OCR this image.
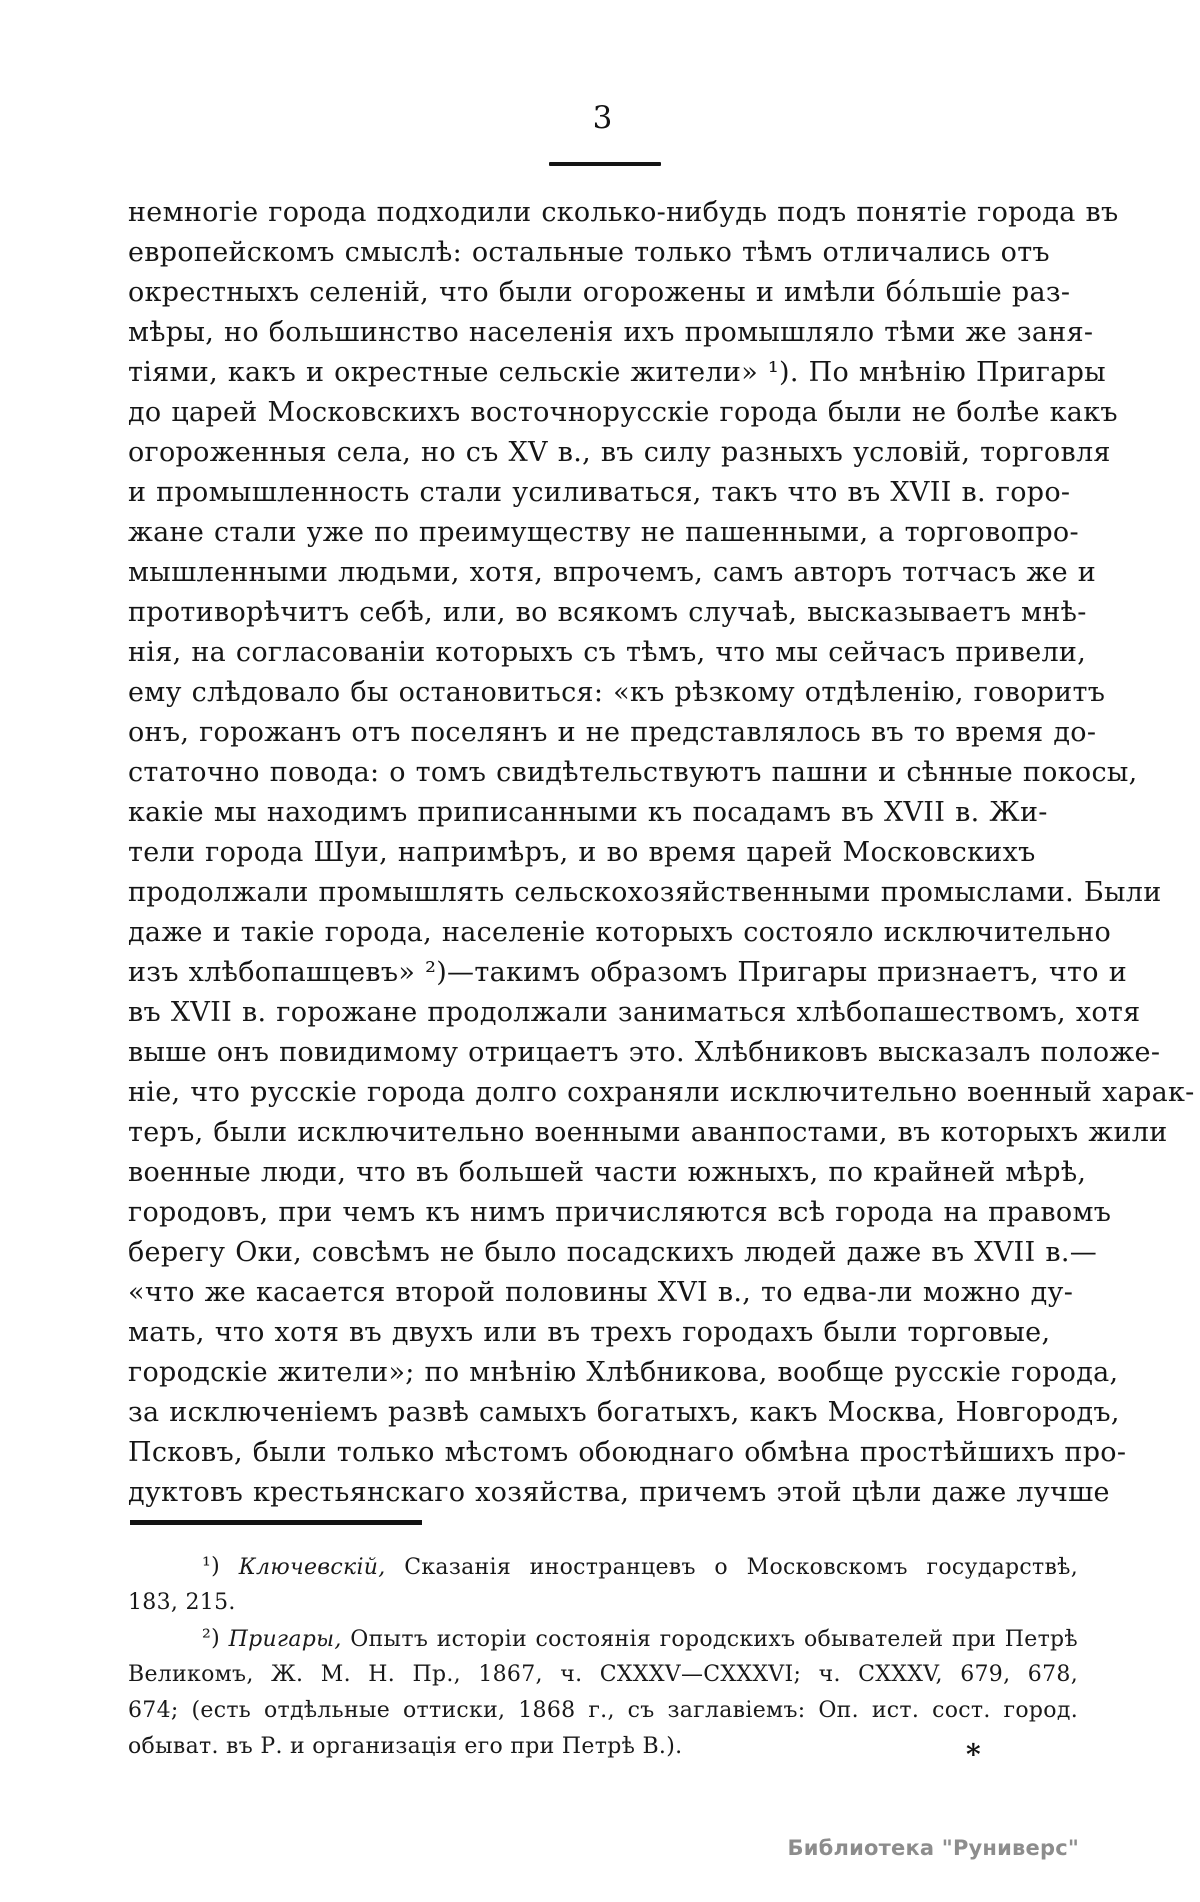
3
немногіе города подходили сколько-нибудь подъ понятіе города въ
европейскомъ смыслѣ: остальные только тѣмъ отличались отъ
окрестныхъ селеній, что были огорожены и имѣли бо́льшіе раз-
мѣры, но большинство населенія ихъ промышляло тѣми же заня-
тіями, какъ и окрестные сельскіе жители» ¹). По мнѣнію Пригары
до царей Московскихъ восточнорусскіе города были не болѣе какъ
огороженныя села, но съ XV в., въ силу разныхъ условій, торговля
и промышленность стали усиливаться, такъ что въ XVII в. горо-
жане стали уже по преимуществу не пашенными, а торговопро-
мышленными людьми, хотя, впрочемъ, самъ авторъ тотчасъ же и
противорѣчитъ себѣ, или, во всякомъ случаѣ, высказываетъ мнѣ-
нія, на согласованіи которыхъ съ тѣмъ, что мы сейчасъ привели,
ему слѣдовало бы остановиться: «къ рѣзкому отдѣленію, говоритъ
онъ, горожанъ отъ поселянъ и не представлялось въ то время до-
статочно повода: о томъ свидѣтельствуютъ пашни и сѣнные покосы,
какіе мы находимъ приписанными къ посадамъ въ XVII в. Жи-
тели города Шуи, напримѣръ, и во время царей Московскихъ
продолжали промышлять сельскохозяйственными промыслами. Были
даже и такіе города, населеніе которыхъ состояло исключительно
изъ хлѣбопашцевъ» ²)—такимъ образомъ Пригары признаетъ, что и
въ XVII в. горожане продолжали заниматься хлѣбопашествомъ, хотя
выше онъ повидимому отрицаетъ это. Хлѣбниковъ высказалъ положе-
ніе, что русскіе города долго сохраняли исключительно военный харак-
теръ, были исключительно военными аванпостами, въ которыхъ жили
военные люди, что въ большей части южныхъ, по крайней мѣрѣ,
городовъ, при чемъ къ нимъ причисляются всѣ города на правомъ
берегу Оки, совсѣмъ не было посадскихъ людей даже въ XVII в.—
«что же касается второй половины XVI в., то едва-ли можно ду-
мать, что хотя въ двухъ или въ трехъ городахъ были торговые,
городскіе жители»; по мнѣнію Хлѣбникова, вообще русскіе города,
за исключеніемъ развѣ самыхъ богатыхъ, какъ Москва, Новгородъ,
Псковъ, были только мѣстомъ обоюднаго обмѣна простѣйшихъ про-
дуктовъ крестьянскаго хозяйства, причемъ этой цѣли даже лучше
¹) Ключевскій, Сказанія иностранцевъ о Московскомъ государствѣ,
183, 215.
²) Пригары, Опытъ исторіи состоянія городскихъ обывателей при Петрѣ
Великомъ, Ж. М. Н. Пр., 1867, ч. CXXXV—CXXXVI; ч. CXXXV, 679, 678,
674; (есть отдѣльные оттиски, 1868 г., съ заглавіемъ: Оп. ист. сост. город.
обыват. въ Р. и организація его при Петрѣ В.).	*
Библиотека "Руниверс"
